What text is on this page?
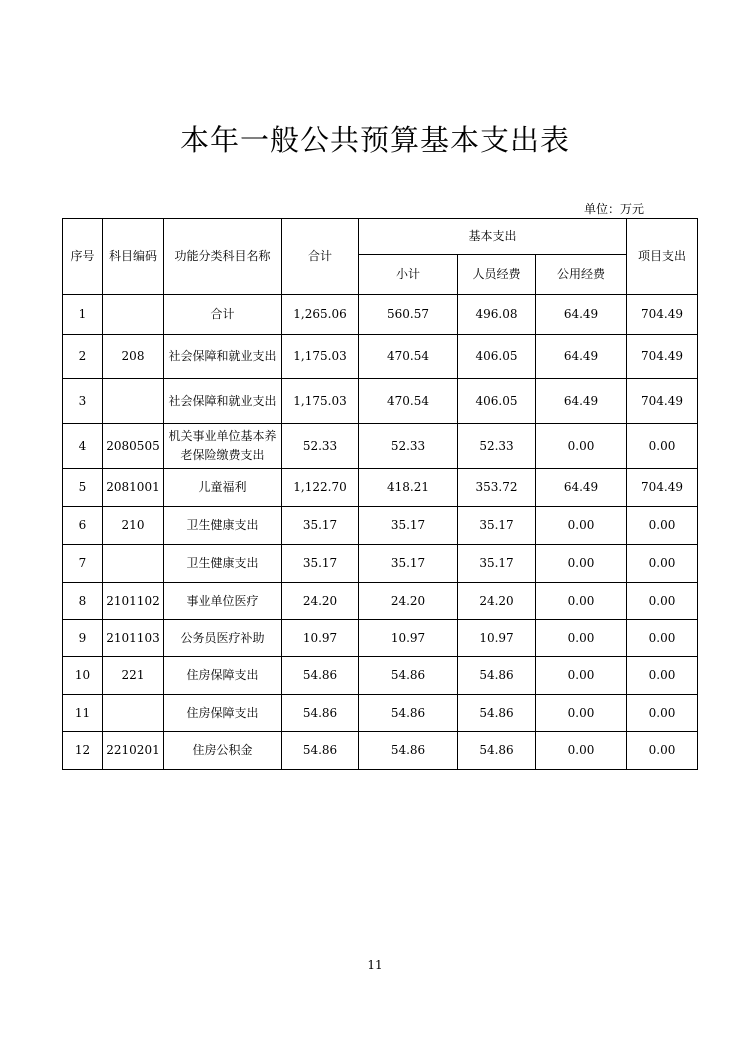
本年一般公共预算基本支出表
单位：万元
序号	科目编码	功能分类科目名称	合计	基本支出			项目支出
				小计	人员经费	公用经费	
1		合计	1,265.06	560.57	496.08	64.49	704.49
2	208	社会保障和就业支出	1,175.03	470.54	406.05	64.49	704.49
3		社会保障和就业支出	1,175.03	470.54	406.05	64.49	704.49
4	2080505	机关事业单位基本养老保险缴费支出	52.33	52.33	52.33	0.00	0.00
5	2081001	儿童福利	1,122.70	418.21	353.72	64.49	704.49
6	210	卫生健康支出	35.17	35.17	35.17	0.00	0.00
7		卫生健康支出	35.17	35.17	35.17	0.00	0.00
8	2101102	事业单位医疗	24.20	24.20	24.20	0.00	0.00
9	2101103	公务员医疗补助	10.97	10.97	10.97	0.00	0.00
10	221	住房保障支出	54.86	54.86	54.86	0.00	0.00
11		住房保障支出	54.86	54.86	54.86	0.00	0.00
12	2210201	住房公积金	54.86	54.86	54.86	0.00	0.00
11
